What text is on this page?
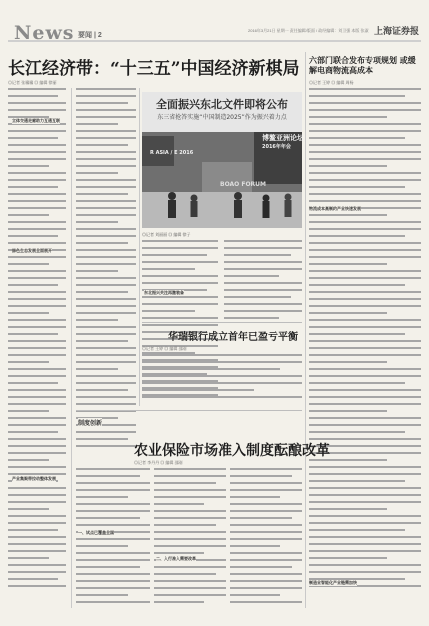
News 要闻 | 2
2016年3月21日 星期一 责任编辑/版面 / 政经编辑：刘卫强 本版 张淑 上海证券报
长江经济带：“十三五”中国经济新棋局
◎记者 张骥骥 ◎ 编辑 徐丽
立体交通走廊助力互通互联
绿色生态发展全面展开
产业集聚带拉动整体发展
全面振兴东北文件即将公布
东三省抢答实施“中国制造2025”作为振兴着力点
博鳌亚洲论坛
2016年年会
R ASIA / E 2016
BOAO FORUM
◎记者 刘丽丽 ◎ 编辑 徐子
东北振兴关注再激装备
华瑞银行成立首年已盈亏平衡
◎记者 王婷 ◎ 编辑 邵刚
六部门联合发布专项规划 或缓解电商物流高成本
◎记者 王婷 ◎ 编辑 周杨
物流成本高制约产业快速发展
制造业智能化产业链需加快
制度创新
农业保险市场准入制度酝酿改革
◎记者 李丹丹 ◎ 编辑 邵刚
一、试点已覆盖全国
二、入行准入需要改革
